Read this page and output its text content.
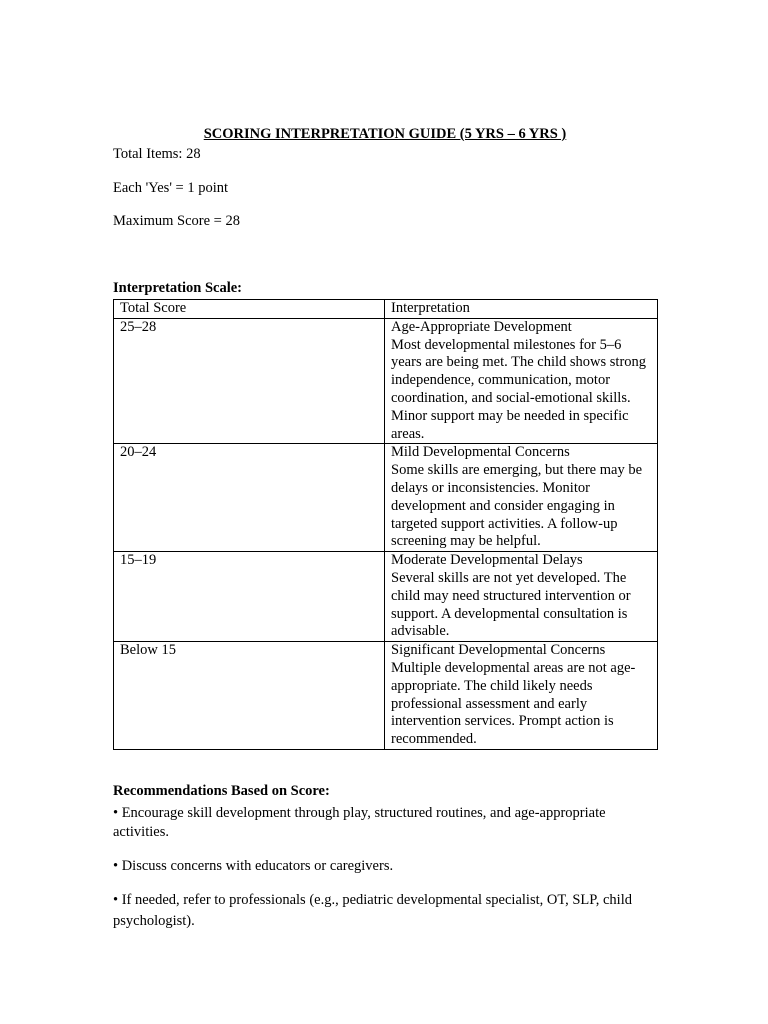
SCORING INTERPRETATION GUIDE (5 YRS – 6 YRS )
Total Items: 28
Each 'Yes' = 1 point
Maximum Score = 28
Interpretation Scale:
Total Score	Interpretation
25–28	Age-Appropriate Development
Most developmental milestones for 5–6 years are being met. The child shows strong independence, communication, motor coordination, and social-emotional skills. Minor support may be needed in specific areas.

20–24	Mild Developmental Concerns
Some skills are emerging, but there may be delays or inconsistencies. Monitor development and consider engaging in targeted support activities. A follow-up screening may be helpful.

15–19	Moderate Developmental Delays
Several skills are not yet developed. The child may need structured intervention or support. A developmental consultation is advisable.

Below 15	Significant Developmental Concerns
Multiple developmental areas are not age-appropriate. The child likely needs professional assessment and early intervention services. Prompt action is recommended.
Recommendations Based on Score:
• Encourage skill development through play, structured routines, and age-appropriate activities.
• Discuss concerns with educators or caregivers.
• If needed, refer to professionals (e.g., pediatric developmental specialist, OT, SLP, child psychologist).
